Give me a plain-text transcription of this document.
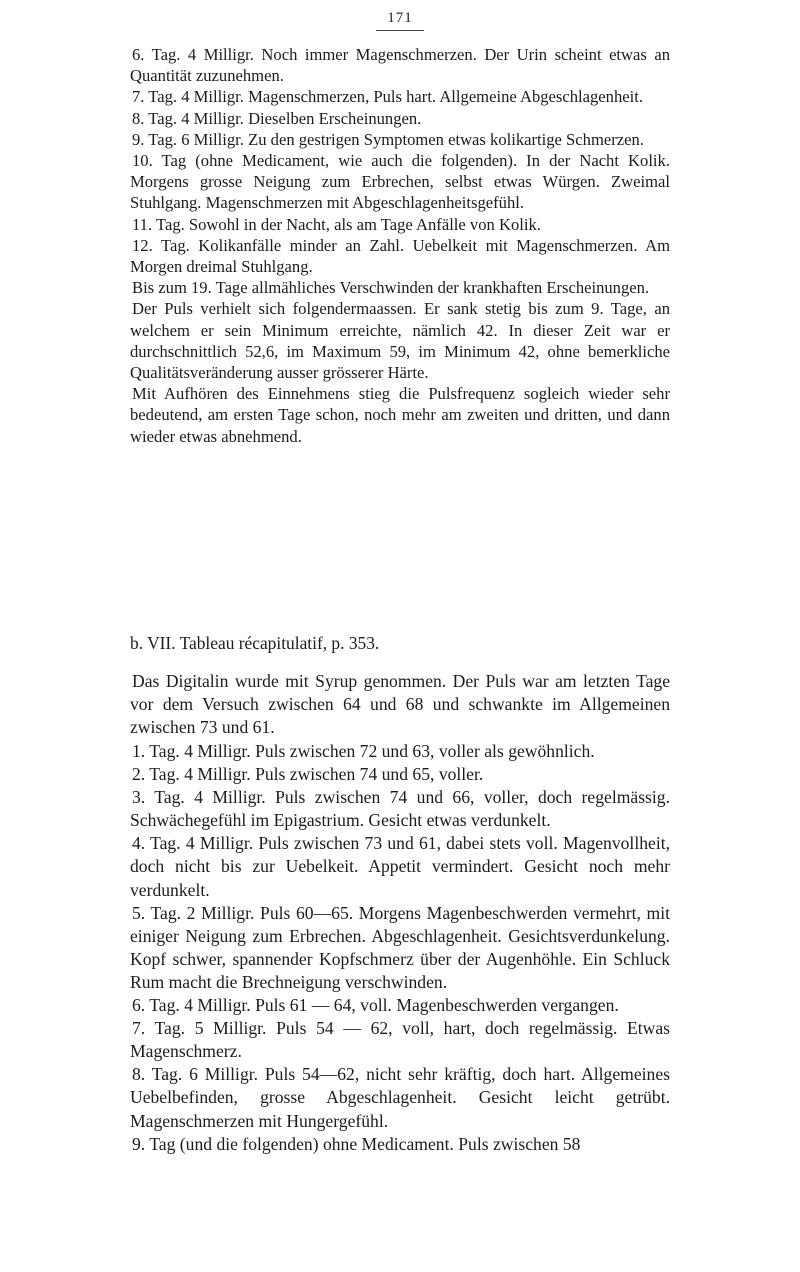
171

6. Tag. 4 Milligr. Noch immer Magenschmerzen. Der Urin scheint etwas an Quantität zuzunehmen.

7. Tag. 4 Milligr. Magenschmerzen, Puls hart. Allgemeine Abgeschlagenheit.

8. Tag. 4 Milligr. Dieselben Erscheinungen.

9. Tag. 6 Milligr. Zu den gestrigen Symptomen etwas kolikartige Schmerzen.

10. Tag (ohne Medicament, wie auch die folgenden). In der Nacht Kolik. Morgens grosse Neigung zum Erbrechen, selbst etwas Würgen. Zweimal Stuhlgang. Magenschmerzen mit Abgeschlagenheitsgefühl.

11. Tag. Sowohl in der Nacht, als am Tage Anfälle von Kolik.

12. Tag. Kolikanfälle minder an Zahl. Uebelkeit mit Magenschmerzen. Am Morgen dreimal Stuhlgang.

Bis zum 19. Tage allmähliches Verschwinden der krankhaften Erscheinungen.

Der Puls verhielt sich folgendermaassen. Er sank stetig bis zum 9. Tage, an welchem er sein Minimum erreichte, nämlich 42. In dieser Zeit war er durchschnittlich 52,6, im Maximum 59, im Minimum 42, ohne bemerkliche Qualitätsveränderung ausser grösserer Härte.

Mit Aufhören des Einnehmens stieg die Pulsfrequenz sogleich wieder sehr bedeutend, am ersten Tage schon, noch mehr am zweiten und dritten, und dann wieder etwas abnehmend.

b. VII. Tableau récapitulatif, p. 353.

Das Digitalin wurde mit Syrup genommen. Der Puls war am letzten Tage vor dem Versuch zwischen 64 und 68 und schwankte im Allgemeinen zwischen 73 und 61.

1. Tag. 4 Milligr. Puls zwischen 72 und 63, voller als gewöhnlich.

2. Tag. 4 Milligr. Puls zwischen 74 und 65, voller.

3. Tag. 4 Milligr. Puls zwischen 74 und 66, voller, doch regelmässig. Schwächegefühl im Epigastrium. Gesicht etwas verdunkelt.

4. Tag. 4 Milligr. Puls zwischen 73 und 61, dabei stets voll. Magenvollheit, doch nicht bis zur Uebelkeit. Appetit vermindert. Gesicht noch mehr verdunkelt.

5. Tag. 2 Milligr. Puls 60—65. Morgens Magenbeschwerden vermehrt, mit einiger Neigung zum Erbrechen. Abgeschlagenheit. Gesichtsverdunkelung. Kopf schwer, spannender Kopfschmerz über der Augenhöhle. Ein Schluck Rum macht die Brechneigung verschwinden.

6. Tag. 4 Milligr. Puls 61 — 64, voll. Magenbeschwerden vergangen.

7. Tag. 5 Milligr. Puls 54 — 62, voll, hart, doch regelmässig. Etwas Magenschmerz.

8. Tag. 6 Milligr. Puls 54—62, nicht sehr kräftig, doch hart. Allgemeines Uebelbefinden, grosse Abgeschlagenheit. Gesicht leicht getrübt. Magenschmerzen mit Hungergefühl.

9. Tag (und die folgenden) ohne Medicament. Puls zwischen 58
